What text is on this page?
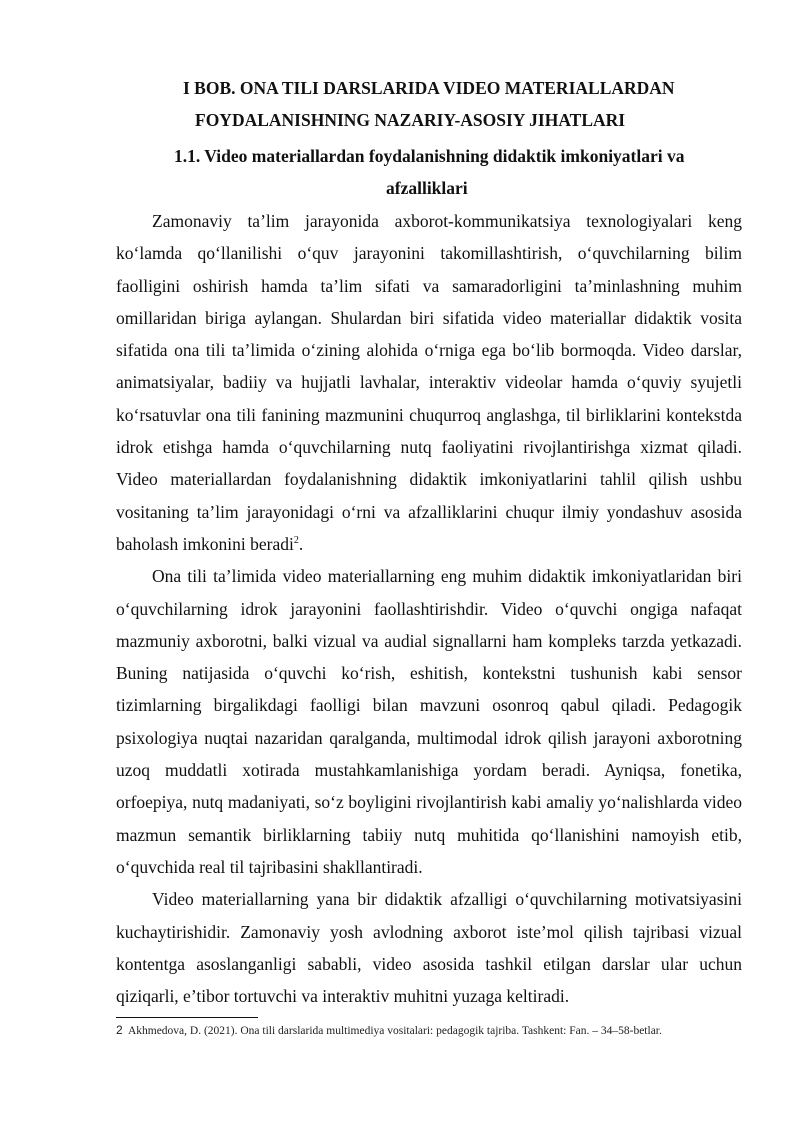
I BOB. ONA TILI DARSLARIDA VIDEO MATERIALLARDAN
FOYDALANISHNING NAZARIY-ASOSIY JIHATLARI
1.1. Video materiallardan foydalanishning didaktik imkoniyatlari va
afzalliklari

Zamonaviy ta’lim jarayonida axborot-kommunikatsiya texnologiyalari keng ko‘lamda qo‘llanilishi o‘quv jarayonini takomillashtirish, o‘quvchilarning bilim faolligini oshirish hamda ta’lim sifati va samaradorligini ta’minlashning muhim omillaridan biriga aylangan. Shulardan biri sifatida video materiallar didaktik vosita sifatida ona tili ta’limida o‘zining alohida o‘rniga ega bo‘lib bormoqda. Video darslar, animatsiyalar, badiiy va hujjatli lavhalar, interaktiv videolar hamda o‘quviy syujetli ko‘rsatuvlar ona tili fanining mazmunini chuqurroq anglashga, til birliklarini kontekstda idrok etishga hamda o‘quvchilarning nutq faoliyatini rivojlantirishga xizmat qiladi. Video materiallardan foydalanishning didaktik imkoniyatlarini tahlil qilish ushbu vositaning ta’lim jarayonidagi o‘rni va afzalliklarini chuqur ilmiy yondashuv asosida baholash imkonini beradi$^2$.

Ona tili ta’limida video materiallarning eng muhim didaktik imkoniyatlaridan biri o‘quvchilarning idrok jarayonini faollashtirishdir. Video o‘quvchi ongiga nafaqat mazmuniy axborotni, balki vizual va audial signallarni ham kompleks tarzda yetkazadi. Buning natijasida o‘quvchi ko‘rish, eshitish, kontekstni tushunish kabi sensor tizimlarning birgalikdagi faolligi bilan mavzuni osonroq qabul qiladi. Pedagogik psixologiya nuqtai nazaridan qaralganda, multimodal idrok qilish jarayoni axborotning uzoq muddatli xotirada mustahkamlanishiga yordam beradi. Ayniqsa, fonetika, orfoepiya, nutq madaniyati, so‘z boyligini rivojlantirish kabi amaliy yo‘nalishlarda video mazmun semantik birliklarning tabiiy nutq muhitida qo‘llanishini namoyish etib, o‘quvchida real til tajribasini shakllantiradi.

Video materiallarning yana bir didaktik afzalligi o‘quvchilarning motivatsiyasini kuchaytirishidir. Zamonaviy yosh avlodning axborot iste’mol qilish tajribasi vizual kontentga asoslanganligi sababli, video asosida tashkil etilgan darslar ular uchun qiziqarli, e’tibor tortuvchi va interaktiv muhitni yuzaga keltiradi.

2 Akhmedova, D. (2021). Ona tili darslarida multimediya vositalari: pedagogik tajriba. Tashkent: Fan. – 34–58-betlar.
